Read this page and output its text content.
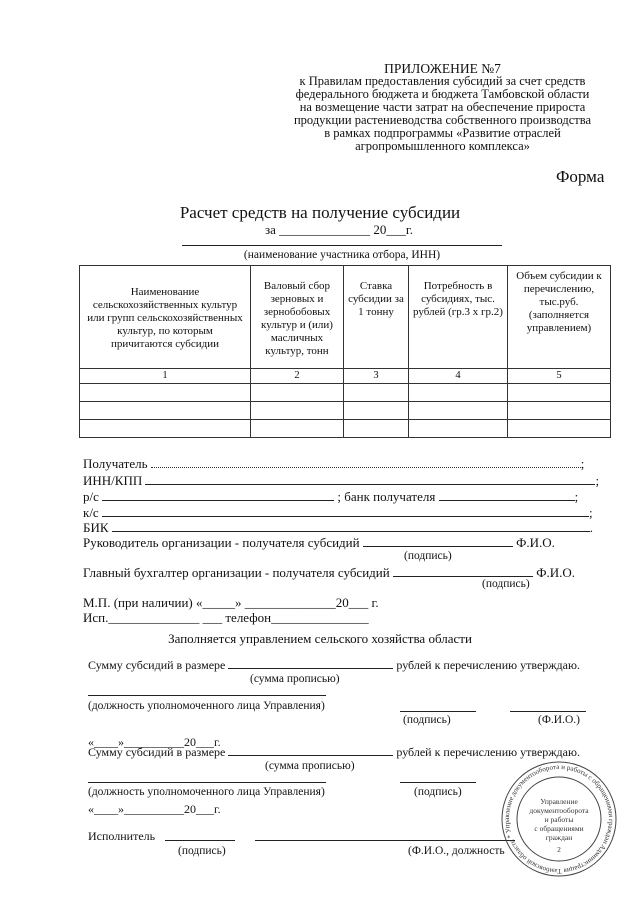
ПРИЛОЖЕНИЕ №7
к Правилам предоставления субсидий за счет средств
федерального бюджета и бюджета Тамбовской области
на возмещение части затрат на обеспечение прироста
продукции растениеводства собственного производства
в рамках подпрограммы «Развитие отраслей
агропромышленного комплекса»
Форма
Расчет средств на получение субсидии
за ______________ 20___г.
(наименование участника отбора, ИНН)
Наименование сельскохозяйственных культур или групп сельскохозяйственных культур, по которым причитаются субсидии	Валовый сбор зерновых и зернобобовых культур и (или) масличных культур, тонн	Ставка субсидии за 1 тонну	Потребность в субсидиях, тыс. рублей (гр.3 х гр.2)	Объем субсидии к перечислению, тыс.руб. (заполняется управлением)

1	2	3	4	5

Получатель	;
ИНН/КПП	;
р/с	; банк получателя	;
к/с	;
БИК	.
Руководитель организации - получателя субсидий	Ф.И.О.
(подпись)
Главный бухгалтер организации - получателя субсидий	Ф.И.О.
(подпись)
М.П. (при наличии) «_____» ______________20___ г.
Исп.______________ ___ телефон_______________
Заполняется управлением сельского хозяйства области
Сумму субсидий в размере	рублей к перечислению утверждаю.
(сумма прописью)
(должность уполномоченного лица Управления)
(подпись)	(Ф.И.О.)
«____»__________20___г.
Сумму субсидий в размере	рублей к перечислению утверждаю.
(сумма прописью)
(должность уполномоченного лица Управления)	(подпись)
«____»__________20___г.
Исполнитель
(подпись)	(Ф.И.О., должность	Администрация Тамбовской области * Управление документооборота и работы с обращениями граждан
Управление
документооборота
и работы
с обращениями
граждан
2
